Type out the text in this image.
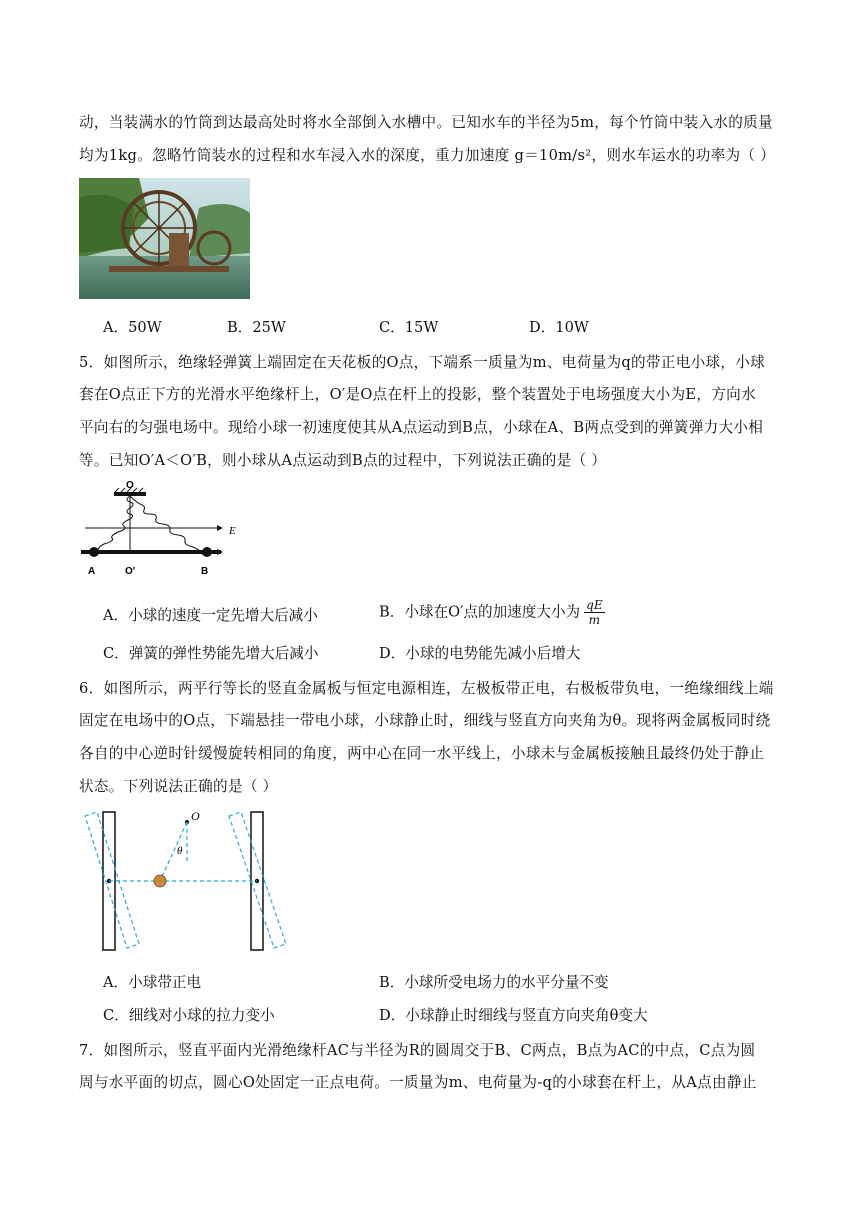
动，当装满水的竹筒到达最高处时将水全部倒入水槽中。已知水车的半径为5m，每个竹筒中装入水的质量
均为1kg。忽略竹筒装水的过程和水车浸入水的深度，重力加速度 g＝10m/s²，则水车运水的功率为（ ）
A．50W	B．25W	C．15W	D．10W
5．如图所示，绝缘轻弹簧上端固定在天花板的O点，下端系一质量为m、电荷量为q的带正电小球，小球
套在O点正下方的光滑水平绝缘杆上，O′是O点在杆上的投影，整个装置处于电场强度大小为E，方向水
平向右的匀强电场中。现给小球一初速度使其从A点运动到B点，小球在A、B两点受到的弹簧弹力大小相
等。已知O′A＜O′B，则小球从A点运动到B点的过程中，下列说法正确的是（ ）
O
E
A	O′	B
A．小球的速度一定先增大后减小	B．小球在O′点的加速度大小为 $\frac{qE}{m}$
C．弹簧的弹性势能先增大后减小	D．小球的电势能先减小后增大
6．如图所示，两平行等长的竖直金属板与恒定电源相连，左极板带正电，右极板带负电，一绝缘细线上端
固定在电场中的O点，下端悬挂一带电小球，小球静止时，细线与竖直方向夹角为θ。现将两金属板同时绕
各自的中心逆时针缓慢旋转相同的角度，两中心在同一水平线上，小球未与金属板接触且最终仍处于静止
状态。下列说法正确的是（ ）
O
θ
A．小球带正电	B．小球所受电场力的水平分量不变
C．细线对小球的拉力变小	D．小球静止时细线与竖直方向夹角θ变大
7．如图所示，竖直平面内光滑绝缘杆AC与半径为R的圆周交于B、C两点，B点为AC的中点，C点为圆
周与水平面的切点，圆心O处固定一正点电荷。一质量为m、电荷量为-q的小球套在杆上，从A点由静止
